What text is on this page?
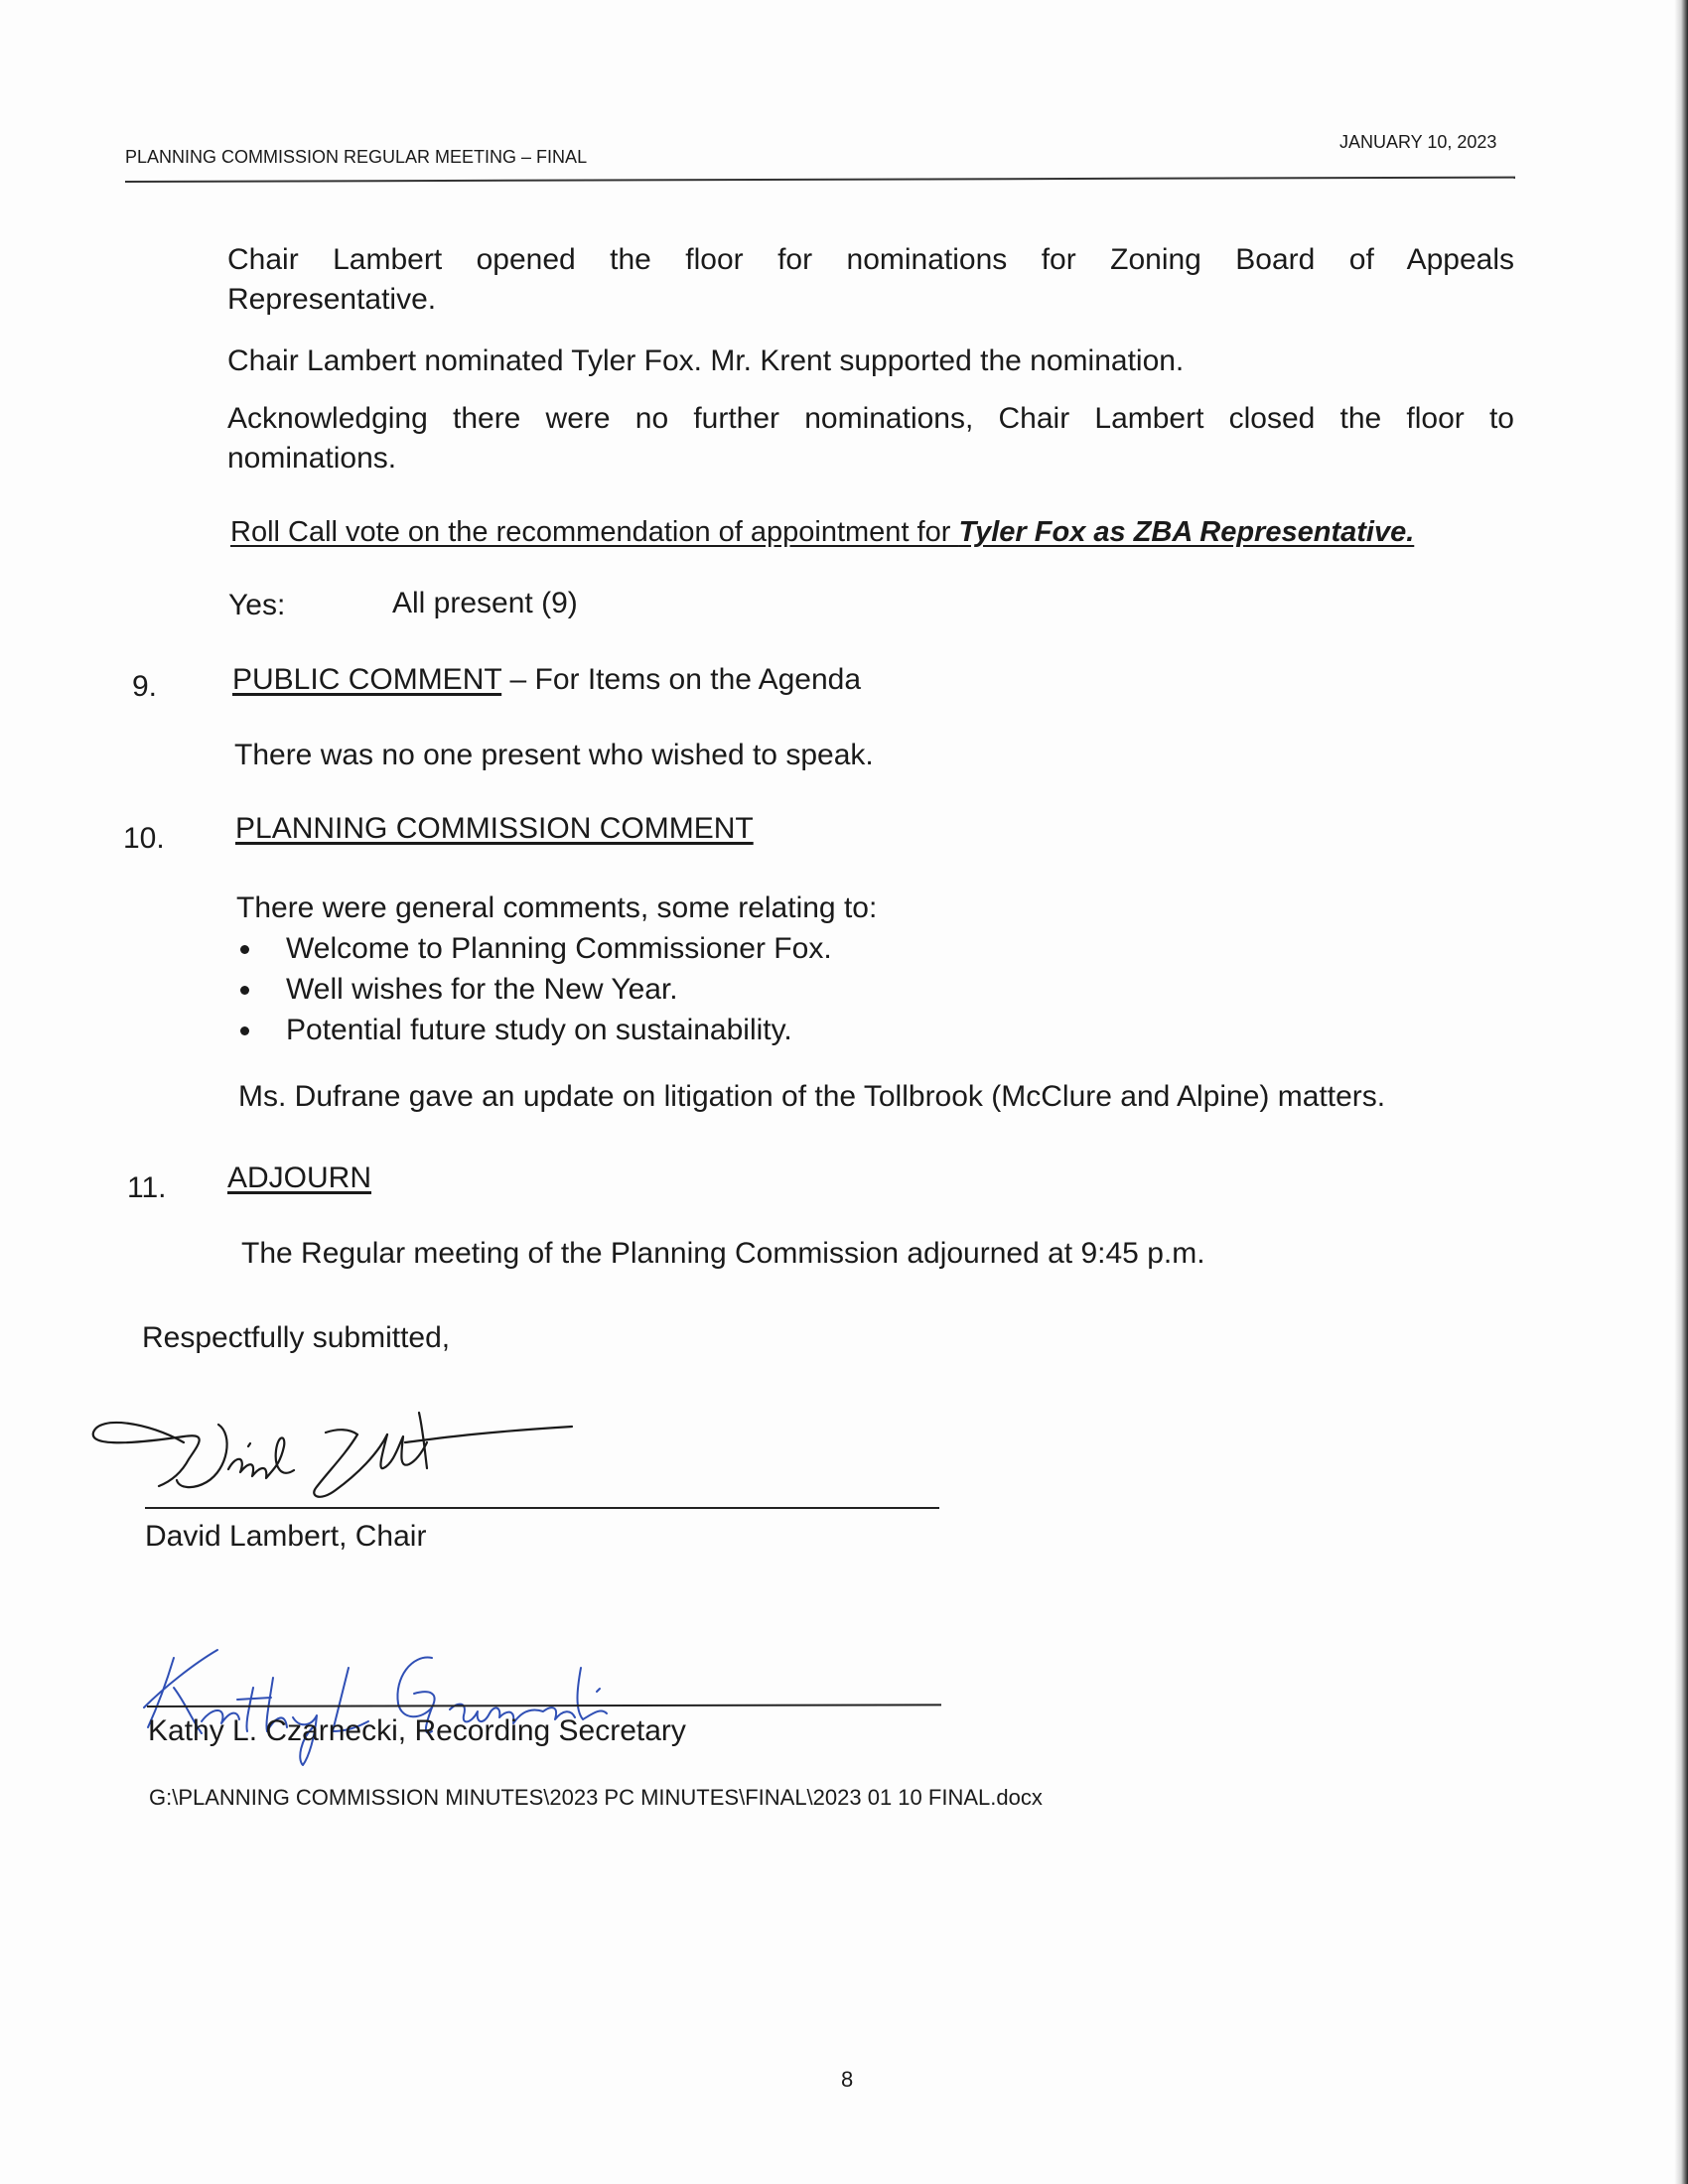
PLANNING COMMISSION REGULAR MEETING – FINAL
JANUARY 10, 2023
Chair Lambert opened the floor for nominations for Zoning Board of Appeals
Representative.
Chair Lambert nominated Tyler Fox. Mr. Krent supported the nomination.
Acknowledging there were no further nominations, Chair Lambert closed the floor to
nominations.
Roll Call vote on the recommendation of appointment for Tyler Fox as ZBA Representative.
Yes:	All present (9)
9.	PUBLIC COMMENT – For Items on the Agenda
There was no one present who wished to speak.
10. PLANNING COMMISSION COMMENT
There were general comments, some relating to:
Welcome to Planning Commissioner Fox.
Well wishes for the New Year.
Potential future study on sustainability.
Ms. Dufrane gave an update on litigation of the Tollbrook (McClure and Alpine) matters.
11. ADJOURN
The Regular meeting of the Planning Commission adjourned at 9:45 p.m.
Respectfully submitted,
David Lambert, Chair
Kathy L. Czarnecki, Recording Secretary
G:\PLANNING COMMISSION MINUTES\2023 PC MINUTES\FINAL\2023 01 10 FINAL.docx
8
